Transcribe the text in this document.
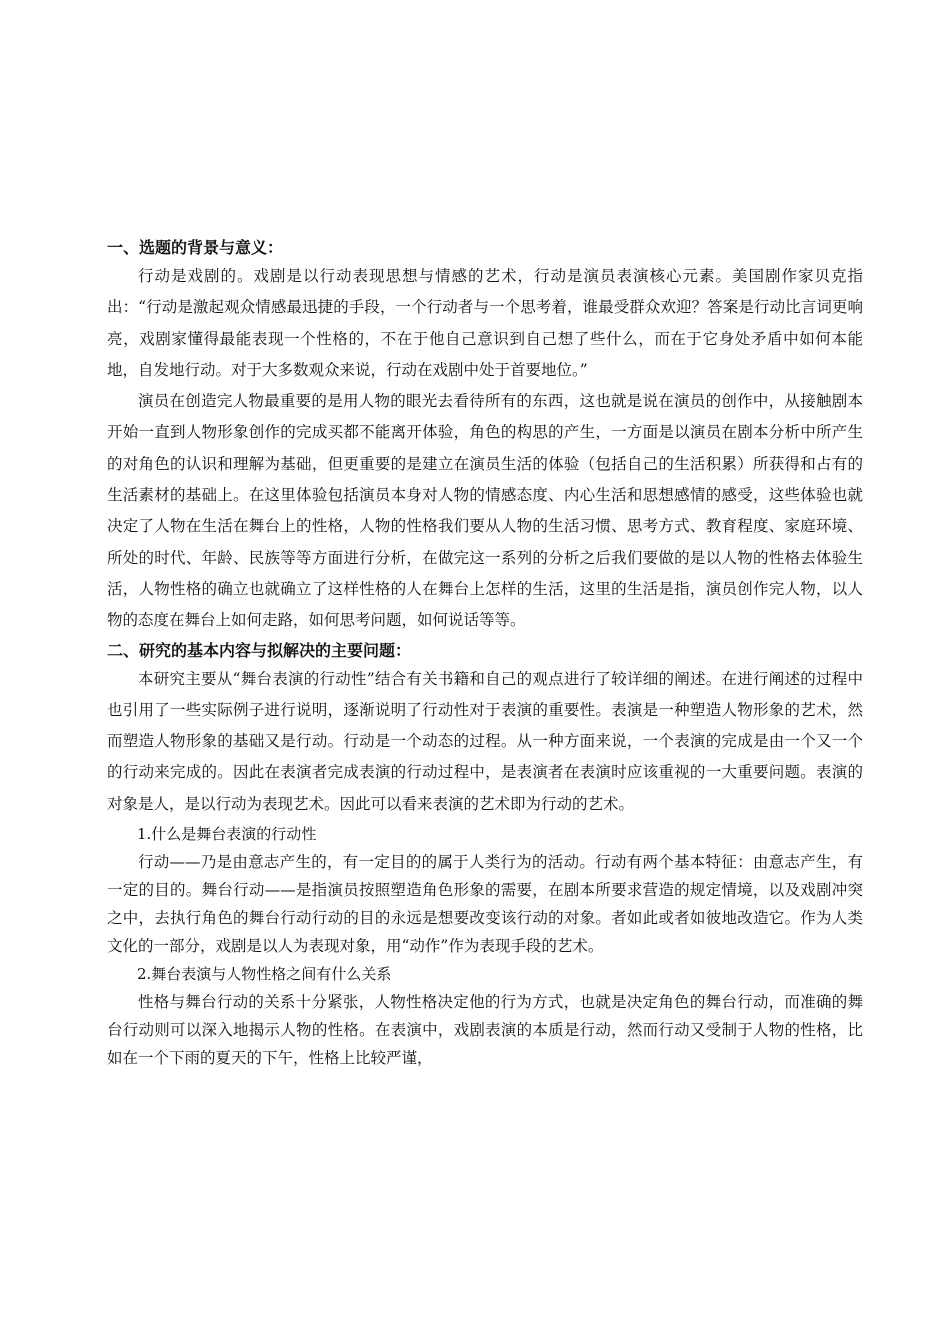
一、选题的背景与意义：

行动是戏剧的。戏剧是以行动表现思想与情感的艺术，行动是演员表演核心元素。美国剧作家贝克指出：“行动是激起观众情感最迅捷的手段，一个行动者与一个思考着，谁最受群众欢迎？答案是行动比言词更响亮，戏剧家懂得最能表现一个性格的，不在于他自己意识到自己想了些什么，而在于它身处矛盾中如何本能地，自发地行动。对于大多数观众来说，行动在戏剧中处于首要地位。”

演员在创造完人物最重要的是用人物的眼光去看待所有的东西，这也就是说在演员的创作中，从接触剧本开始一直到人物形象创作的完成买都不能离开体验，角色的构思的产生，一方面是以演员在剧本分析中所产生的对角色的认识和理解为基础，但更重要的是建立在演员生活的体验（包括自己的生活积累）所获得和占有的生活素材的基础上。在这里体验包括演员本身对人物的情感态度、内心生活和思想感情的感受，这些体验也就决定了人物在生活在舞台上的性格，人物的性格我们要从人物的生活习惯、思考方式、教育程度、家庭环境、所处的时代、年龄、民族等等方面进行分析，在做完这一系列的分析之后我们要做的是以人物的性格去体验生活，人物性格的确立也就确立了这样性格的人在舞台上怎样的生活，这里的生活是指，演员创作完人物，以人物的态度在舞台上如何走路，如何思考问题，如何说话等等。

二、研究的基本内容与拟解决的主要问题：

本研究主要从“舞台表演的行动性”结合有关书籍和自己的观点进行了较详细的阐述。在进行阐述的过程中也引用了一些实际例子进行说明，逐渐说明了行动性对于表演的重要性。表演是一种塑造人物形象的艺术，然而塑造人物形象的基础又是行动。行动是一个动态的过程。从一种方面来说，一个表演的完成是由一个又一个的行动来完成的。因此在表演者完成表演的行动过程中，是表演者在表演时应该重视的一大重要问题。表演的对象是人，是以行动为表现艺术。因此可以看来表演的艺术即为行动的艺术。

1.什么是舞台表演的行动性

行动——乃是由意志产生的，有一定目的的属于人类行为的活动。行动有两个基本特征：由意志产生，有一定的目的。舞台行动——是指演员按照塑造角色形象的需要，在剧本所要求营造的规定情境，以及戏剧冲突之中，去执行角色的舞台行动行动的目的永远是想要改变该行动的对象。者如此或者如彼地改造它。作为人类文化的一部分，戏剧是以人为表现对象，用“动作”作为表现手段的艺术。

2.舞台表演与人物性格之间有什么关系

性格与舞台行动的关系十分紧张，人物性格决定他的行为方式，也就是决定角色的舞台行动，而准确的舞台行动则可以深入地揭示人物的性格。在表演中，戏剧表演的本质是行动，然而行动又受制于人物的性格，比如在一个下雨的夏天的下午，性格上比较严谨，
